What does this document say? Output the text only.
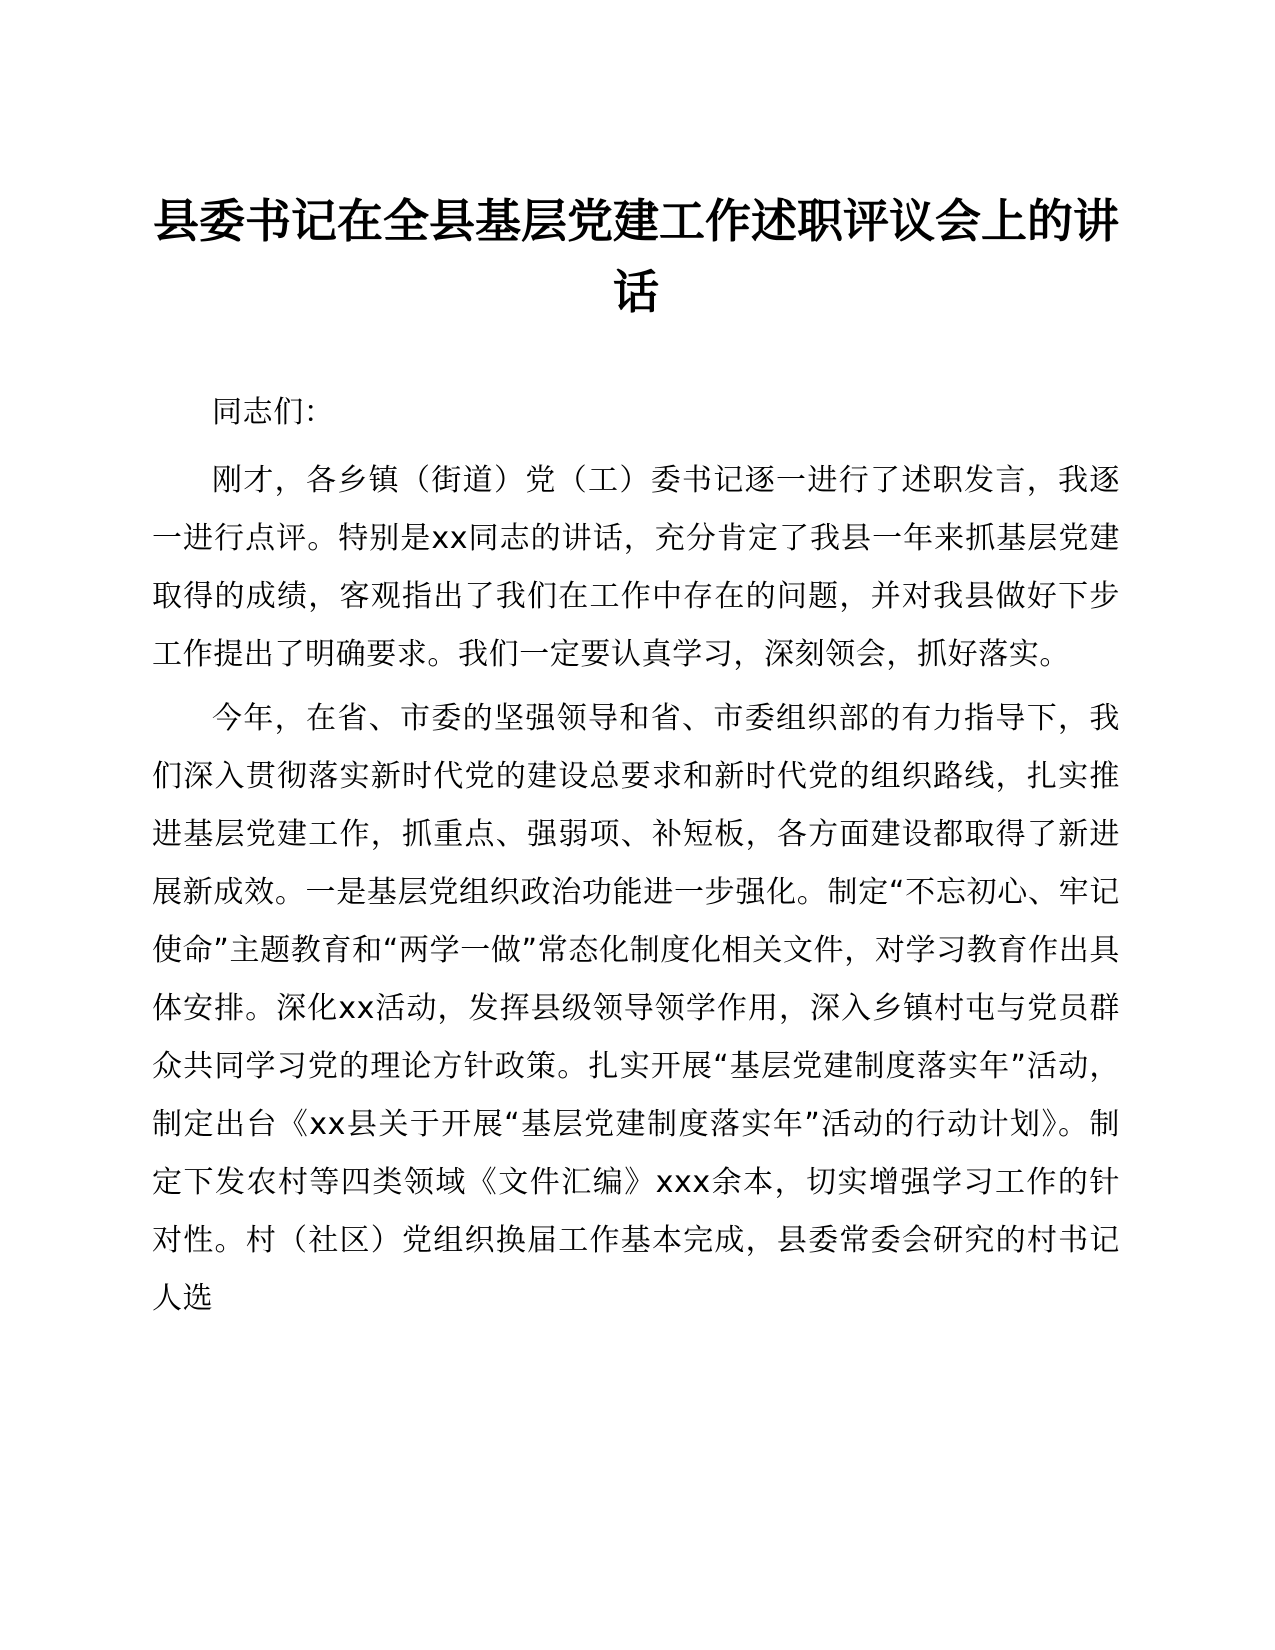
县委书记在全县基层党建工作述职评议会上的讲话

同志们：

刚才，各乡镇（街道）党（工）委书记逐一进行了述职发言，我逐一进行点评。特别是xx同志的讲话，充分肯定了我县一年来抓基层党建取得的成绩，客观指出了我们在工作中存在的问题，并对我县做好下步工作提出了明确要求。我们一定要认真学习，深刻领会，抓好落实。

今年，在省、市委的坚强领导和省、市委组织部的有力指导下，我们深入贯彻落实新时代党的建设总要求和新时代党的组织路线，扎实推进基层党建工作，抓重点、强弱项、补短板，各方面建设都取得了新进展新成效。一是基层党组织政治功能进一步强化。制定“不忘初心、牢记使命”主题教育和“两学一做”常态化制度化相关文件，对学习教育作出具体安排。深化xx活动，发挥县级领导领学作用，深入乡镇村屯与党员群众共同学习党的理论方针政策。扎实开展“基层党建制度落实年”活动，制定出台《xx县关于开展“基层党建制度落实年”活动的行动计划》。制定下发农村等四类领域《文件汇编》xxx余本，切实增强学习工作的针对性。村（社区）党组织换届工作基本完成，县委常委会研究的村书记人选
